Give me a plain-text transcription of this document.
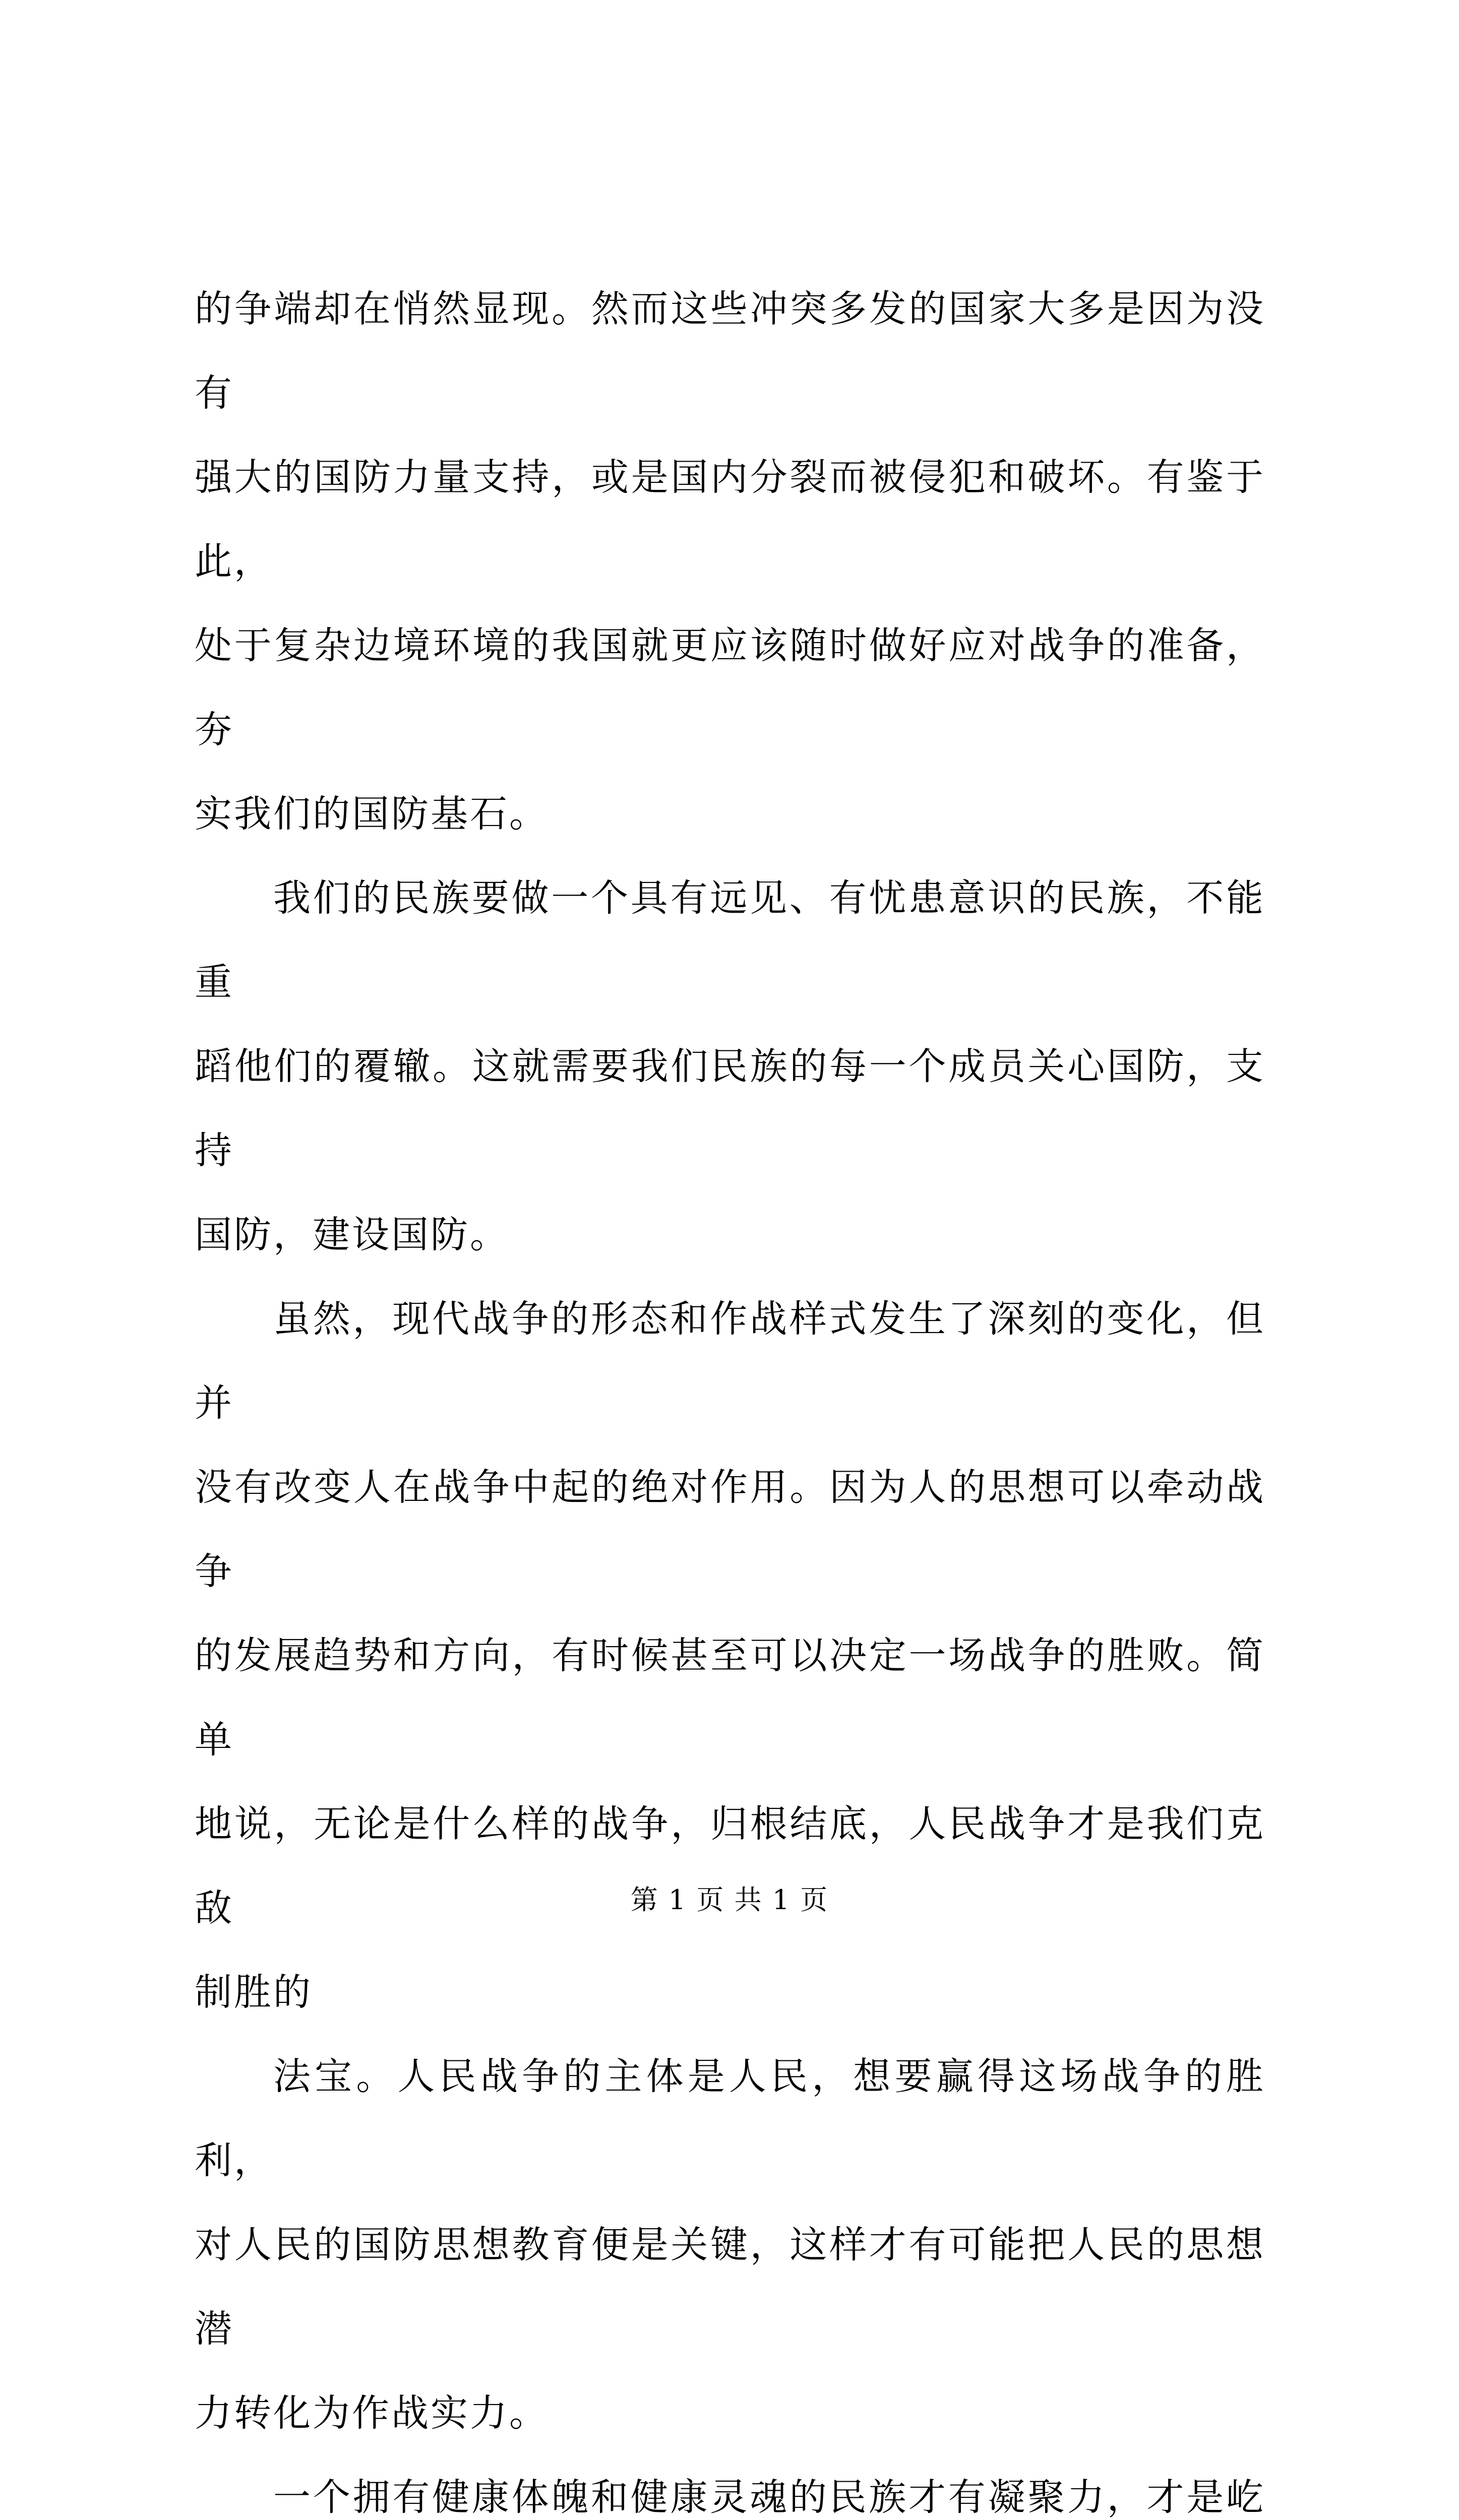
的争端却在悄然显现。然而这些冲突多发的国家大多是因为没有
强大的国防力量支持，或是国内分裂而被侵犯和破坏。有鉴于此，
处于复杂边境环境的我国就更应该随时做好应对战争的准备，夯
实我们的国防基石。

我们的民族要做一个具有远见、有忧患意识的民族，不能重
蹈他们的覆辙。这就需要我们民族的每一个成员关心国防，支持
国防，建设国防。

虽然，现代战争的形态和作战样式发生了深刻的变化，但并
没有改变人在战争中起的绝对作用。因为人的思想可以牵动战争
的发展趋势和方向，有时候甚至可以决定一场战争的胜败。简单
地说，无论是什么样的战争，归根结底，人民战争才是我们克敌
制胜的

法宝。人民战争的主体是人民，想要赢得这场战争的胜利，
对人民的国防思想教育便是关键，这样才有可能把人民的思想潜
力转化为作战实力。

一个拥有健康体魄和健康灵魂的民族才有凝聚力，才是屹

第 1 页 共 1 页
